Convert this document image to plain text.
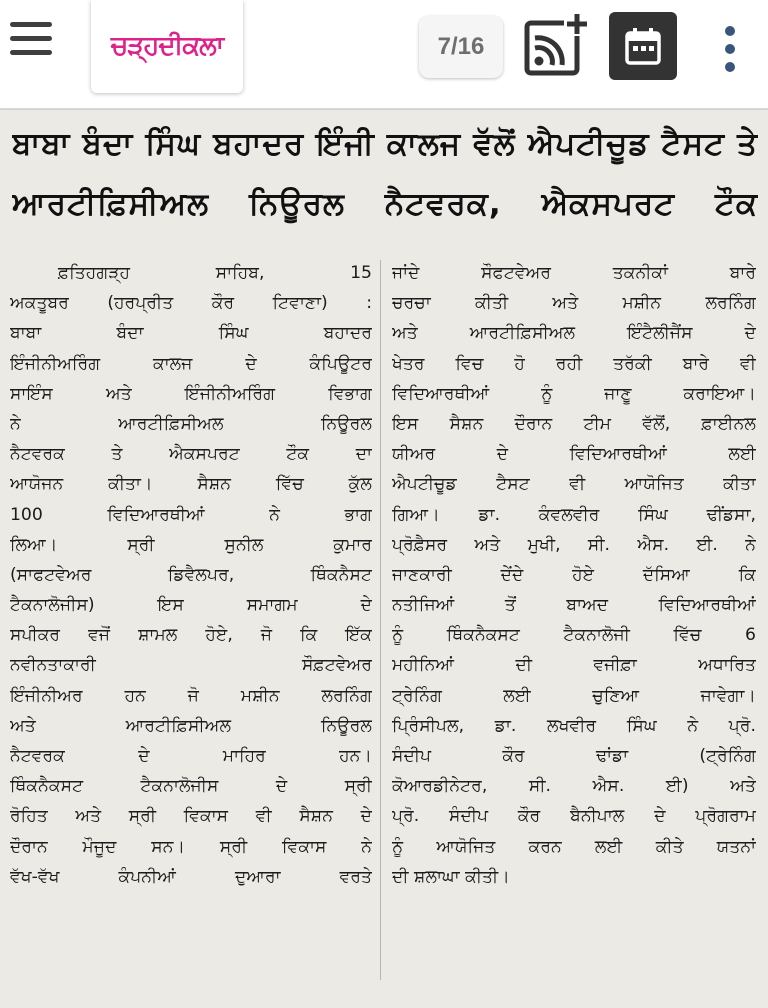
ਚੜ੍ਹਦੀਕਲਾ	7/16
ਬਾਬਾ ਬੰਦਾ ਸਿੰਘ ਬਹਾਦਰ ਇੰਜੀ ਕਾਲਜ ਵੱਲੋਂ ਐਪਟੀਚੂਡ ਟੈਸਟ ਤੇ
ਆਰਟੀਫ਼ਿਸੀਅਲ ਨਿਊਰਲ ਨੈਟਵਰਕ, ਐਕਸਪਰਟ ਟੌਕ
ਫ਼ਤਿਹਗੜ੍ਹ ਸਾਹਿਬ, 15
ਅਕਤੂਬਰ (ਹਰਪ੍ਰੀਤ ਕੌਰ ਟਿਵਾਣਾ) :
ਬਾਬਾ ਬੰਦਾ ਸਿੰਘ ਬਹਾਦਰ
ਇੰਜੀਨੀਅਰਿੰਗ ਕਾਲਜ ਦੇ ਕੰਪਿਊਟਰ
ਸਾਇੰਸ ਅਤੇ ਇੰਜੀਨੀਅਰਿੰਗ ਵਿਭਾਗ
ਨੇ ਆਰਟੀਫ਼ਿਸੀਅਲ ਨਿਊਰਲ
ਨੈਟਵਰਕ ਤੇ ਐਕਸਪਰਟ ਟੌਕ ਦਾ
ਆਯੋਜਨ ਕੀਤਾ। ਸੈਸ਼ਨ ਵਿੱਚ ਕੁੱਲ
100 ਵਿਦਿਆਰਥੀਆਂ ਨੇ ਭਾਗ
ਲਿਆ। ਸ੍ਰੀ ਸੁਨੀਲ ਕੁਮਾਰ
(ਸਾਫਟਵੇਅਰ ਡਿਵੈਲਪਰ, ਥਿੰਕਨੈਸਟ
ਟੈਕਨਾਲੋਜੀਸ) ਇਸ ਸਮਾਗਮ ਦੇ
ਸਪੀਕਰ ਵਜੋਂ ਸ਼ਾਮਲ ਹੋਏ, ਜੋ ਕਿ ਇੱਕ
ਨਵੀਨਤਾਕਾਰੀ ਸੌਫ਼ਟਵੇਅਰ
ਇੰਜੀਨੀਅਰ ਹਨ ਜੋ ਮਸ਼ੀਨ ਲਰਨਿੰਗ
ਅਤੇ ਆਰਟੀਫ਼ਿਸੀਅਲ ਨਿਊਰਲ
ਨੈਟਵਰਕ ਦੇ ਮਾਹਿਰ ਹਨ।
ਥਿੰਕਨੈਕਸਟ ਟੈਕਨਾਲੋਜੀਸ ਦੇ ਸ੍ਰੀ
ਰੋਹਿਤ ਅਤੇ ਸ੍ਰੀ ਵਿਕਾਸ ਵੀ ਸੈਸ਼ਨ ਦੇ
ਦੌਰਾਨ ਮੌਜੂਦ ਸਨ। ਸ੍ਰੀ ਵਿਕਾਸ ਨੇ
ਵੱਖ-ਵੱਖ ਕੰਪਨੀਆਂ ਦੁਆਰਾ ਵਰਤੇ
ਜਾਂਦੇ ਸੌਫਟਵੇਅਰ ਤਕਨੀਕਾਂ ਬਾਰੇ
ਚਰਚਾ ਕੀਤੀ ਅਤੇ ਮਸ਼ੀਨ ਲਰਨਿੰਗ
ਅਤੇ ਆਰਟੀਫ਼ਿਸੀਅਲ ਇੰਟੈਲੀਜੈਂਸ ਦੇ
ਖੇਤਰ ਵਿਚ ਹੋ ਰਹੀ ਤਰੱਕੀ ਬਾਰੇ ਵੀ
ਵਿਦਿਆਰਥੀਆਂ ਨੂੰ ਜਾਣੂ ਕਰਾਇਆ।
ਇਸ ਸੈਸ਼ਨ ਦੌਰਾਨ ਟੀਮ ਵੱਲੋਂ, ਫ਼ਾਈਨਲ
ਯੀਅਰ ਦੇ ਵਿਦਿਆਰਥੀਆਂ ਲਈ
ਐਪਟੀਚੂਡ ਟੈਸਟ ਵੀ ਆਯੋਜਿਤ ਕੀਤਾ
ਗਿਆ। ਡਾ. ਕੰਵਲਵੀਰ ਸਿੰਘ ਢੀਂਡਸਾ,
ਪ੍ਰੋਫ਼ੈਸਰ ਅਤੇ ਮੁਖੀ, ਸੀ. ਐਸ. ਈ. ਨੇ
ਜਾਣਕਾਰੀ ਦੇਂਦੇ ਹੋਏ ਦੱਸਿਆ ਕਿ
ਨਤੀਜਿਆਂ ਤੋਂ ਬਾਅਦ ਵਿਦਿਆਰਥੀਆਂ
ਨੂੰ ਥਿੰਕਨੈਕਸਟ ਟੈਕਨਾਲੋਜੀ ਵਿੱਚ 6
ਮਹੀਨਿਆਂ ਦੀ ਵਜੀਫ਼ਾ ਅਧਾਰਿਤ
ਟ੍ਰੇਨਿੰਗ ਲਈ ਚੁਣਿਆ ਜਾਵੇਗਾ।
ਪ੍ਰਿੰਸੀਪਲ, ਡਾ. ਲਖਵੀਰ ਸਿੰਘ ਨੇ ਪ੍ਰੋ.
ਸੰਦੀਪ ਕੌਰ ਢਾਂਡਾ (ਟ੍ਰੇਨਿੰਗ
ਕੋਆਰਡੀਨੇਟਰ, ਸੀ. ਐਸ. ਈ) ਅਤੇ
ਪ੍ਰੋ. ਸੰਦੀਪ ਕੌਰ ਬੈਨੀਪਾਲ ਦੇ ਪ੍ਰੋਗਰਾਮ
ਨੂੰ ਆਯੋਜਿਤ ਕਰਨ ਲਈ ਕੀਤੇ ਯਤਨਾਂ
ਦੀ ਸ਼ਲਾਘਾ ਕੀਤੀ।
